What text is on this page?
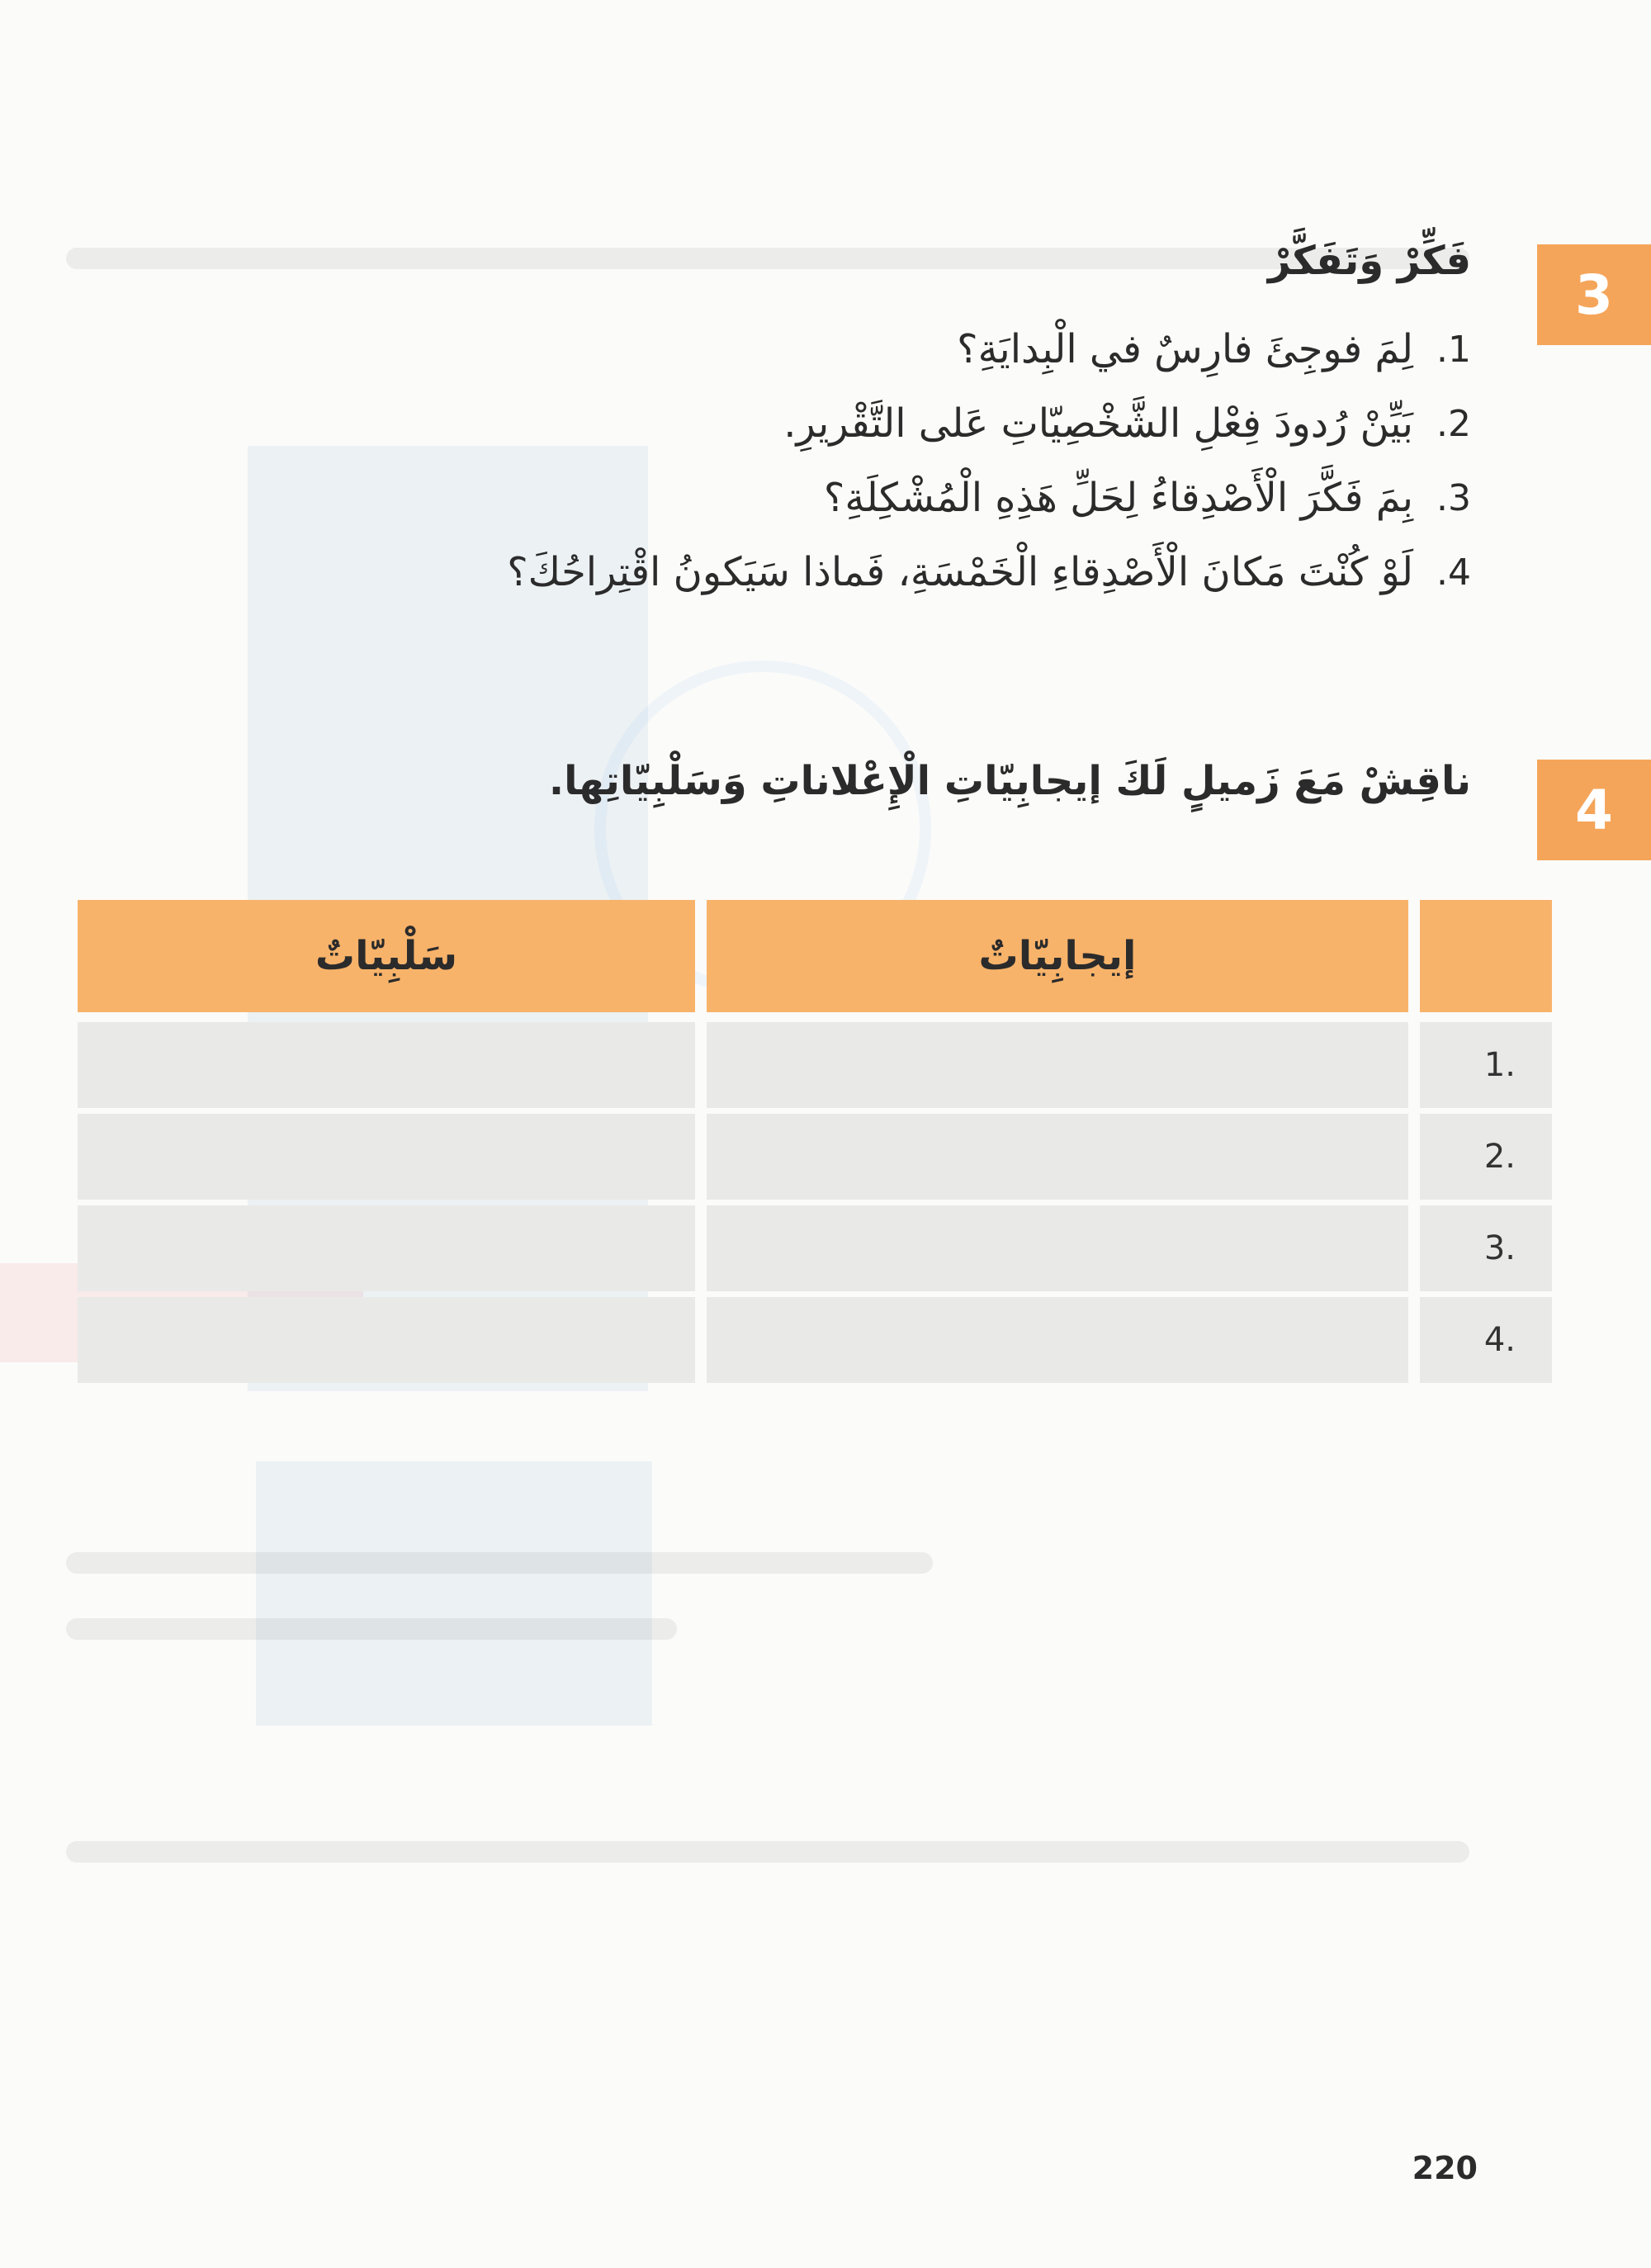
3
فَكِّرْ وَتَفَكَّرْ
1.
لِمَ فوجِئَ فارِسٌ في الْبِدايَةِ؟
2.
بَيِّنْ رُدودَ فِعْلِ الشَّخْصِيّاتِ عَلى التَّقْريرِ.
3.
بِمَ فَكَّرَ الْأَصْدِقاءُ لِحَلِّ هَذِهِ الْمُشْكِلَةِ؟
4.
لَوْ كُنْتَ مَكانَ الْأَصْدِقاءِ الْخَمْسَةِ، فَماذا سَيَكونُ اقْتِراحُكَ؟
4
ناقِشْ مَعَ زَميلٍ لَكَ إيجابِيّاتِ الْإِعْلاناتِ وَسَلْبِيّاتِها.
سَلْبِيّاتٌ	إيجابِيّاتٌ
1.
2.
3.
4.
220
